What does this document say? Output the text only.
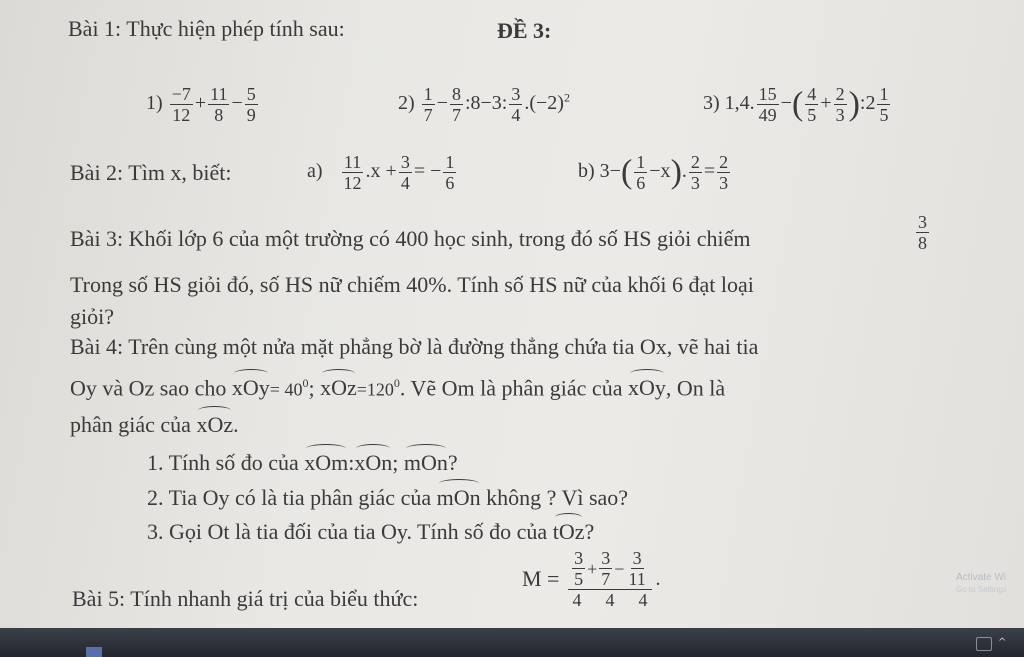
Bài 1: Thực hiện phép tính sau:	ĐỀ 3:
$1) \frac{-7}{12} + \frac{11}{8} - \frac{5}{9}$	$2) \frac{1}{7} - \frac{8}{7}$ :8−3: $\frac{3}{4} .(-2)^2$	3) 1,4. $\frac{15}{49}$ −( $\frac{4}{5} + \frac{2}{3}$ ):2 $\frac{1}{5}$
Bài 2: Tìm x, biết:	$a) \frac{11}{12} .x + \frac{3}{4}$ = − $\frac{1}{6}$	b) $3-( \frac{1}{6} -x)$. $\frac{2}{3} = \frac{2}{3}$
Bài 3: Khối lớp 6 của một trường có 400 học sinh, trong đó số HS giỏi chiếm	$\frac{3}{8}$
Trong số HS giỏi đó, số HS nữ chiếm 40%. Tính số HS nữ của khối 6 đạt loại
giỏi?
Bài 4: Trên cùng một nửa mặt phẳng bờ là đường thẳng chứa tia Ox, vẽ hai tia
Oy và Oz sao cho $xOy= 40^0$; $xOz=120^0$. Vẽ Om là phân giác của xOy, On là
phân giác của xOz.
1. Tính số đo của xOm:xOn; mOn?
2. Tia Oy có là tia phân giác của mOn không ? Vì sao?
3. Gọi Ot là tia đối của tia Oy. Tính số đo của tOz?
Bài 5: Tính nhanh giá trị của biểu thức:
$M = \frac{\frac{3}{5} + \frac{3}{7} - \frac{3}{11}}{4 4 4}$ .	Activate Wi
Go to Settings
^
